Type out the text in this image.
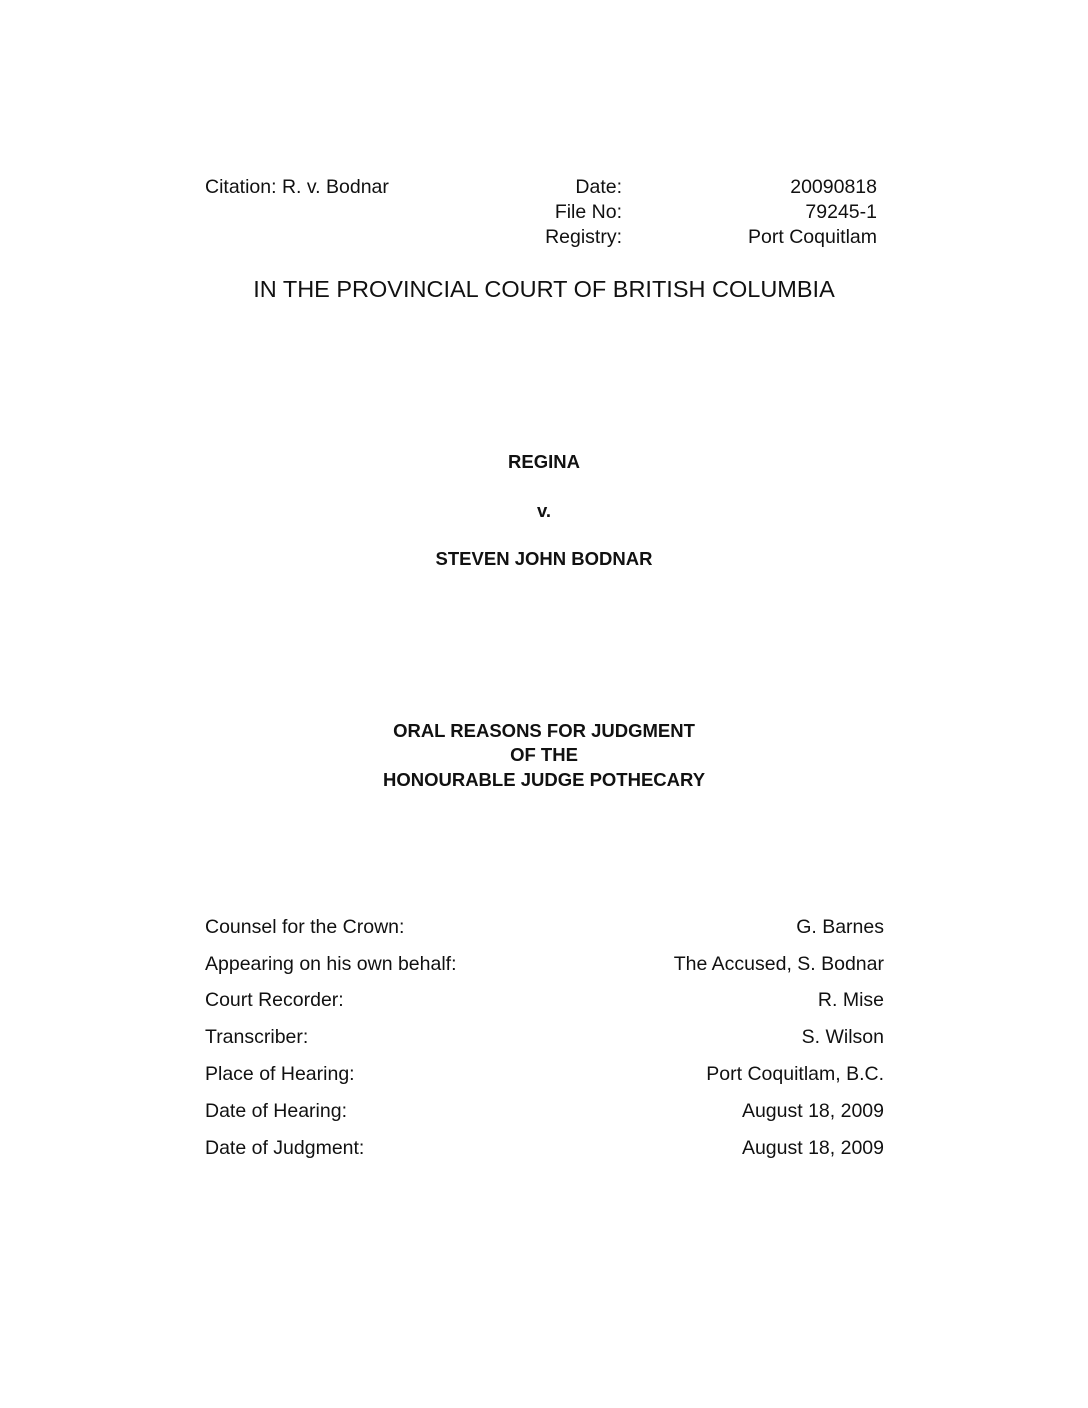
Citation: R. v. Bodnar	Date:	20090818
File No:	79245-1
Registry:	Port Coquitlam
IN THE PROVINCIAL COURT OF BRITISH COLUMBIA
REGINA
v.
STEVEN JOHN BODNAR
ORAL REASONS FOR JUDGMENT
OF THE
HONOURABLE JUDGE POTHECARY
Counsel for the Crown:	G. Barnes
Appearing on his own behalf:	The Accused, S. Bodnar
Court Recorder:	R. Mise
Transcriber:	S. Wilson
Place of Hearing:	Port Coquitlam, B.C.
Date of Hearing:	August 18, 2009
Date of Judgment:	August 18, 2009
